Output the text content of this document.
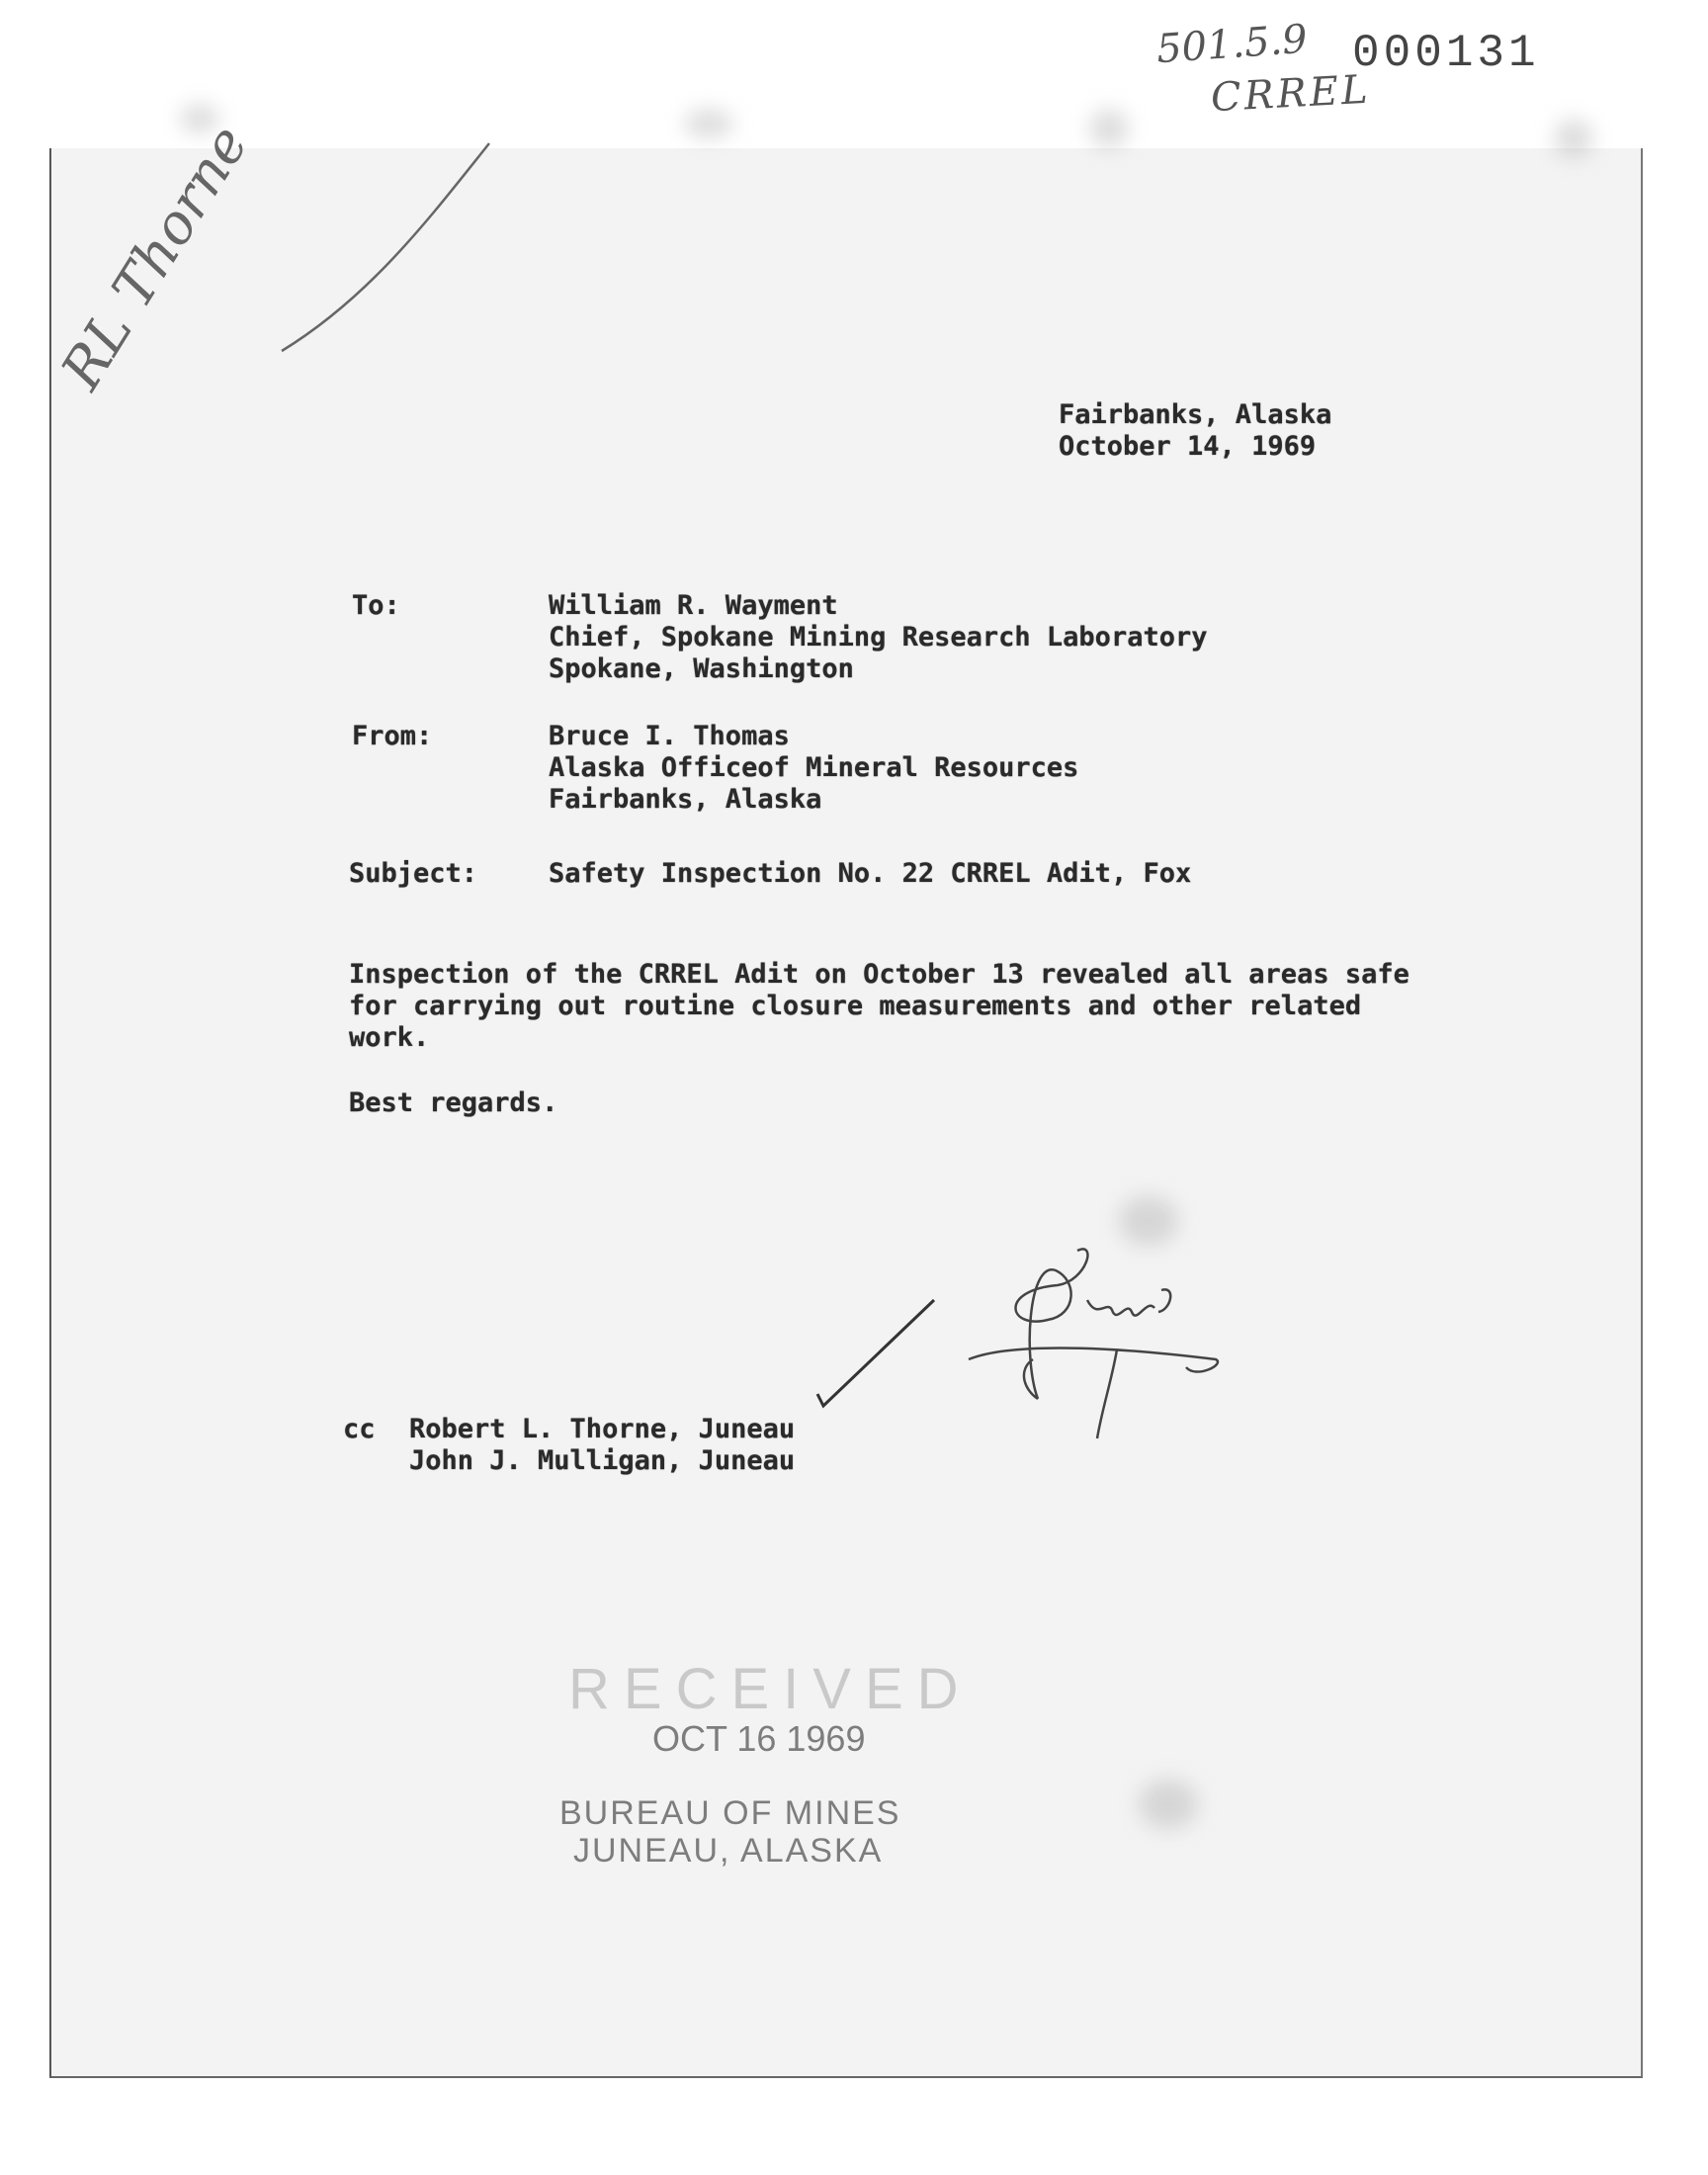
501.5.9 000131
CRREL
RL Thorne
Fairbanks, Alaska
October 14, 1969
To:	William R. Wayment
Chief, Spokane Mining Research Laboratory
Spokane, Washington
From:	Bruce I. Thomas
Alaska Officeof Mineral Resources
Fairbanks, Alaska
Subject:	Safety Inspection No. 22 CRREL Adit, Fox
Inspection of the CRREL Adit on October 13 revealed all areas safe
for carrying out routine closure measurements and other related
work.
Best regards.
cc Robert L. Thorne, Juneau
John J. Mulligan, Juneau
RECEIVED
OCT 16 1969
BUREAU OF MINES
JUNEAU, ALASKA
